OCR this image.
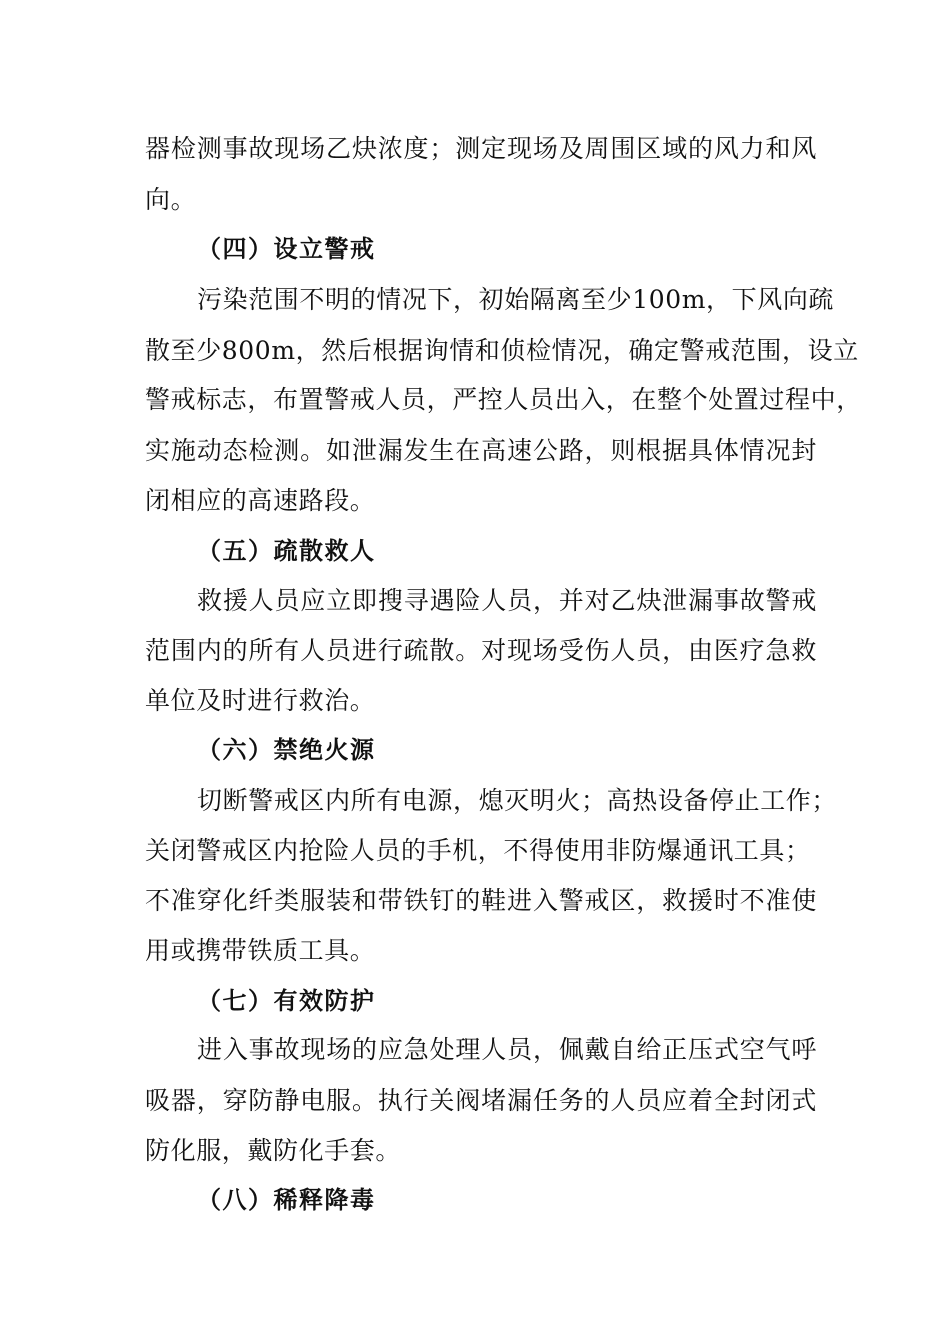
器检测事故现场乙炔浓度；测定现场及周围区域的风力和风
向。
（四）设立警戒
污染范围不明的情况下，初始隔离至少100m，下风向疏
散至少800m，然后根据询情和侦检情况，确定警戒范围，设立
警戒标志，布置警戒人员，严控人员出入，在整个处置过程中，
实施动态检测。如泄漏发生在高速公路，则根据具体情况封
闭相应的高速路段。
（五）疏散救人
救援人员应立即搜寻遇险人员，并对乙炔泄漏事故警戒
范围内的所有人员进行疏散。对现场受伤人员，由医疗急救
单位及时进行救治。
（六）禁绝火源
切断警戒区内所有电源，熄灭明火；高热设备停止工作；
关闭警戒区内抢险人员的手机，不得使用非防爆通讯工具；
不准穿化纤类服装和带铁钉的鞋进入警戒区，救援时不准使
用或携带铁质工具。
（七）有效防护
进入事故现场的应急处理人员，佩戴自给正压式空气呼
吸器，穿防静电服。执行关阀堵漏任务的人员应着全封闭式
防化服，戴防化手套。
（八）稀释降毒
